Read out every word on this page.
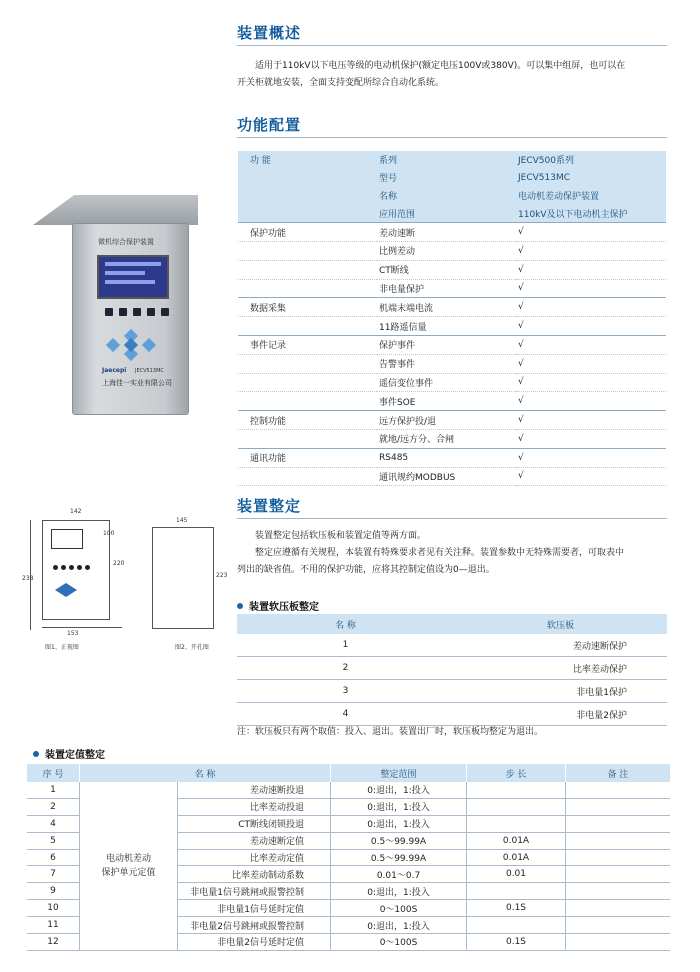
装置概述
适用于110kV以下电压等级的电动机保护(额定电压100V或380V)。可以集中组屏，也可以在
开关柜就地安装，全面支持变配所综合自动化系统。
功能配置
功 能	系列	JECV500系列
	型号	JECV513MC
	名称	电动机差动保护装置
	应用范围	110kV及以下电动机主保护
保护功能	差动速断	√
	比例差动	√
	CT断线	√
	非电量保护	√
数据采集	机端末端电流	√
	11路遥信量	√
事件记录	保护事件	√
	告警事件	√
	遥信变位事件	√
	事件SOE	√
控制功能	远方保护投/退	√
	就地/远方分、合闸	√
通讯功能	RS485	√
	通讯规约MODBUS	√
微机综合保护装置
Jaecepi JECV513MC
上海佳一实业有限公司
238
220
142
100
153
图1、正视图
145
223
图2、开孔图
装置整定
装置整定包括软压板和装置定值等两方面。
整定应遵循有关规程，本装置有特殊要求者见有关注释。装置参数中无特殊需要者，可取表中
列出的缺省值。不用的保护功能，应将其控制定值设为0—退出。
装置软压板整定
名 称	软压板
1	差动速断保护
2	比率差动保护
3	非电量1保护
4	非电量2保护
注：软压板只有两个取值：投入、退出。装置出厂时，软压板均整定为退出。
装置定值整定
序 号	名 称		整定范围	步 长	备 注
1	电动机差动
保护单元定值	差动速断投退	0:退出，1:投入		
2		比率差动投退	0:退出，1:投入		
4		CT断线闭锁投退	0:退出，1:投入		
5		差动速断定值	0.5～99.99A	0.01A	
6		比率差动定值	0.5～99.99A	0.01A	
7		比率差动制动系数	0.01～0.7	0.01	
9		非电量1信号跳闸或报警控制	0:退出，1:投入		
10		非电量1信号延时定值	0～100S	0.1S	
11		非电量2信号跳闸或报警控制	0:退出，1:投入		
12		非电量2信号延时定值	0～100S	0.1S	
